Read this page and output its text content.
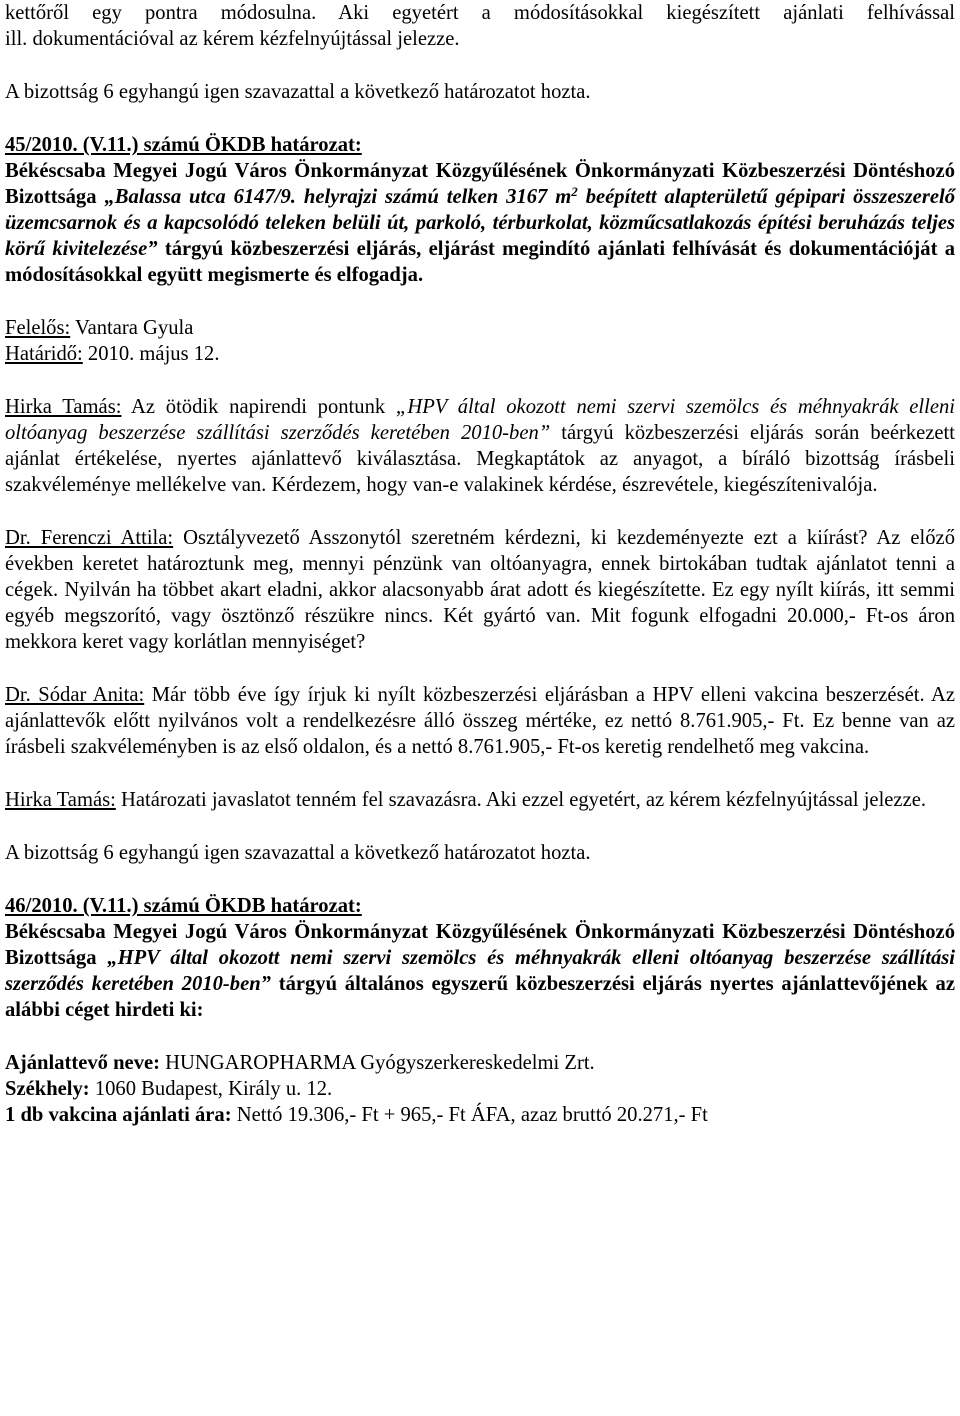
kettőről egy pontra módosulna. Aki egyetért a módosításokkal kiegészített ajánlati felhívással

ill. dokumentációval az kérem kézfelnyújtással jelezze.

A bizottság 6 egyhangú igen szavazattal a következő határozatot hozta.

45/2010. (V.11.) számú ÖKDB határozat:

Békéscsaba Megyei Jogú Város Önkormányzat Közgyűlésének Önkormányzati Közbeszerzési Döntéshozó Bizottsága „Balassa utca 6147/9. helyrajzi számú telken 3167 $m^2$ beépített alapterületű gépipari összeszerelő üzemcsarnok és a kapcsolódó teleken belüli út, parkoló, térburkolat, közműcsatlakozás építési beruházás teljes körű kivitelezése” tárgyú közbeszerzési eljárás, eljárást megindító ajánlati felhívását és dokumentációját a módosításokkal együtt megismerte és elfogadja.

Felelős: Vantara Gyula

Határidő: 2010. május 12.

Hirka Tamás: Az ötödik napirendi pontunk „HPV által okozott nemi szervi szemölcs és méhnyakrák elleni oltóanyag beszerzése szállítási szerződés keretében 2010-ben” tárgyú közbeszerzési eljárás során beérkezett ajánlat értékelése, nyertes ajánlattevő kiválasztása. Megkaptátok az anyagot, a bíráló bizottság írásbeli szakvéleménye mellékelve van. Kérdezem, hogy van-e valakinek kérdése, észrevétele, kiegészítenivalója.

Dr. Ferenczi Attila: Osztályvezető Asszonytól szeretném kérdezni, ki kezdeményezte ezt a kiírást? Az előző években keretet határoztunk meg, mennyi pénzünk van oltóanyagra, ennek birtokában tudtak ajánlatot tenni a cégek. Nyilván ha többet akart eladni, akkor alacsonyabb árat adott és kiegészítette. Ez egy nyílt kiírás, itt semmi egyéb megszorító, vagy ösztönző részükre nincs. Két gyártó van. Mit fogunk elfogadni 20.000,- Ft-os áron mekkora keret vagy korlátlan mennyiséget?

Dr. Sódar Anita: Már több éve így írjuk ki nyílt közbeszerzési eljárásban a HPV elleni vakcina beszerzését. Az ajánlattevők előtt nyilvános volt a rendelkezésre álló összeg mértéke, ez nettó 8.761.905,- Ft. Ez benne van az írásbeli szakvéleményben is az első oldalon, és a nettó 8.761.905,- Ft-os keretig rendelhető meg vakcina.

Hirka Tamás: Határozati javaslatot tenném fel szavazásra. Aki ezzel egyetért, az kérem kézfelnyújtással jelezze.

A bizottság 6 egyhangú igen szavazattal a következő határozatot hozta.

46/2010. (V.11.) számú ÖKDB határozat:

Békéscsaba Megyei Jogú Város Önkormányzat Közgyűlésének Önkormányzati Közbeszerzési Döntéshozó Bizottsága „HPV által okozott nemi szervi szemölcs és méhnyakrák elleni oltóanyag beszerzése szállítási szerződés keretében 2010-ben” tárgyú általános egyszerű közbeszerzési eljárás nyertes ajánlattevőjének az alábbi céget hirdeti ki:

Ajánlattevő neve: HUNGAROPHARMA Gyógyszerkereskedelmi Zrt.

Székhely: 1060 Budapest, Király u. 12.

1 db vakcina ajánlati ára: Nettó 19.306,- Ft + 965,- Ft ÁFA, azaz bruttó 20.271,- Ft
